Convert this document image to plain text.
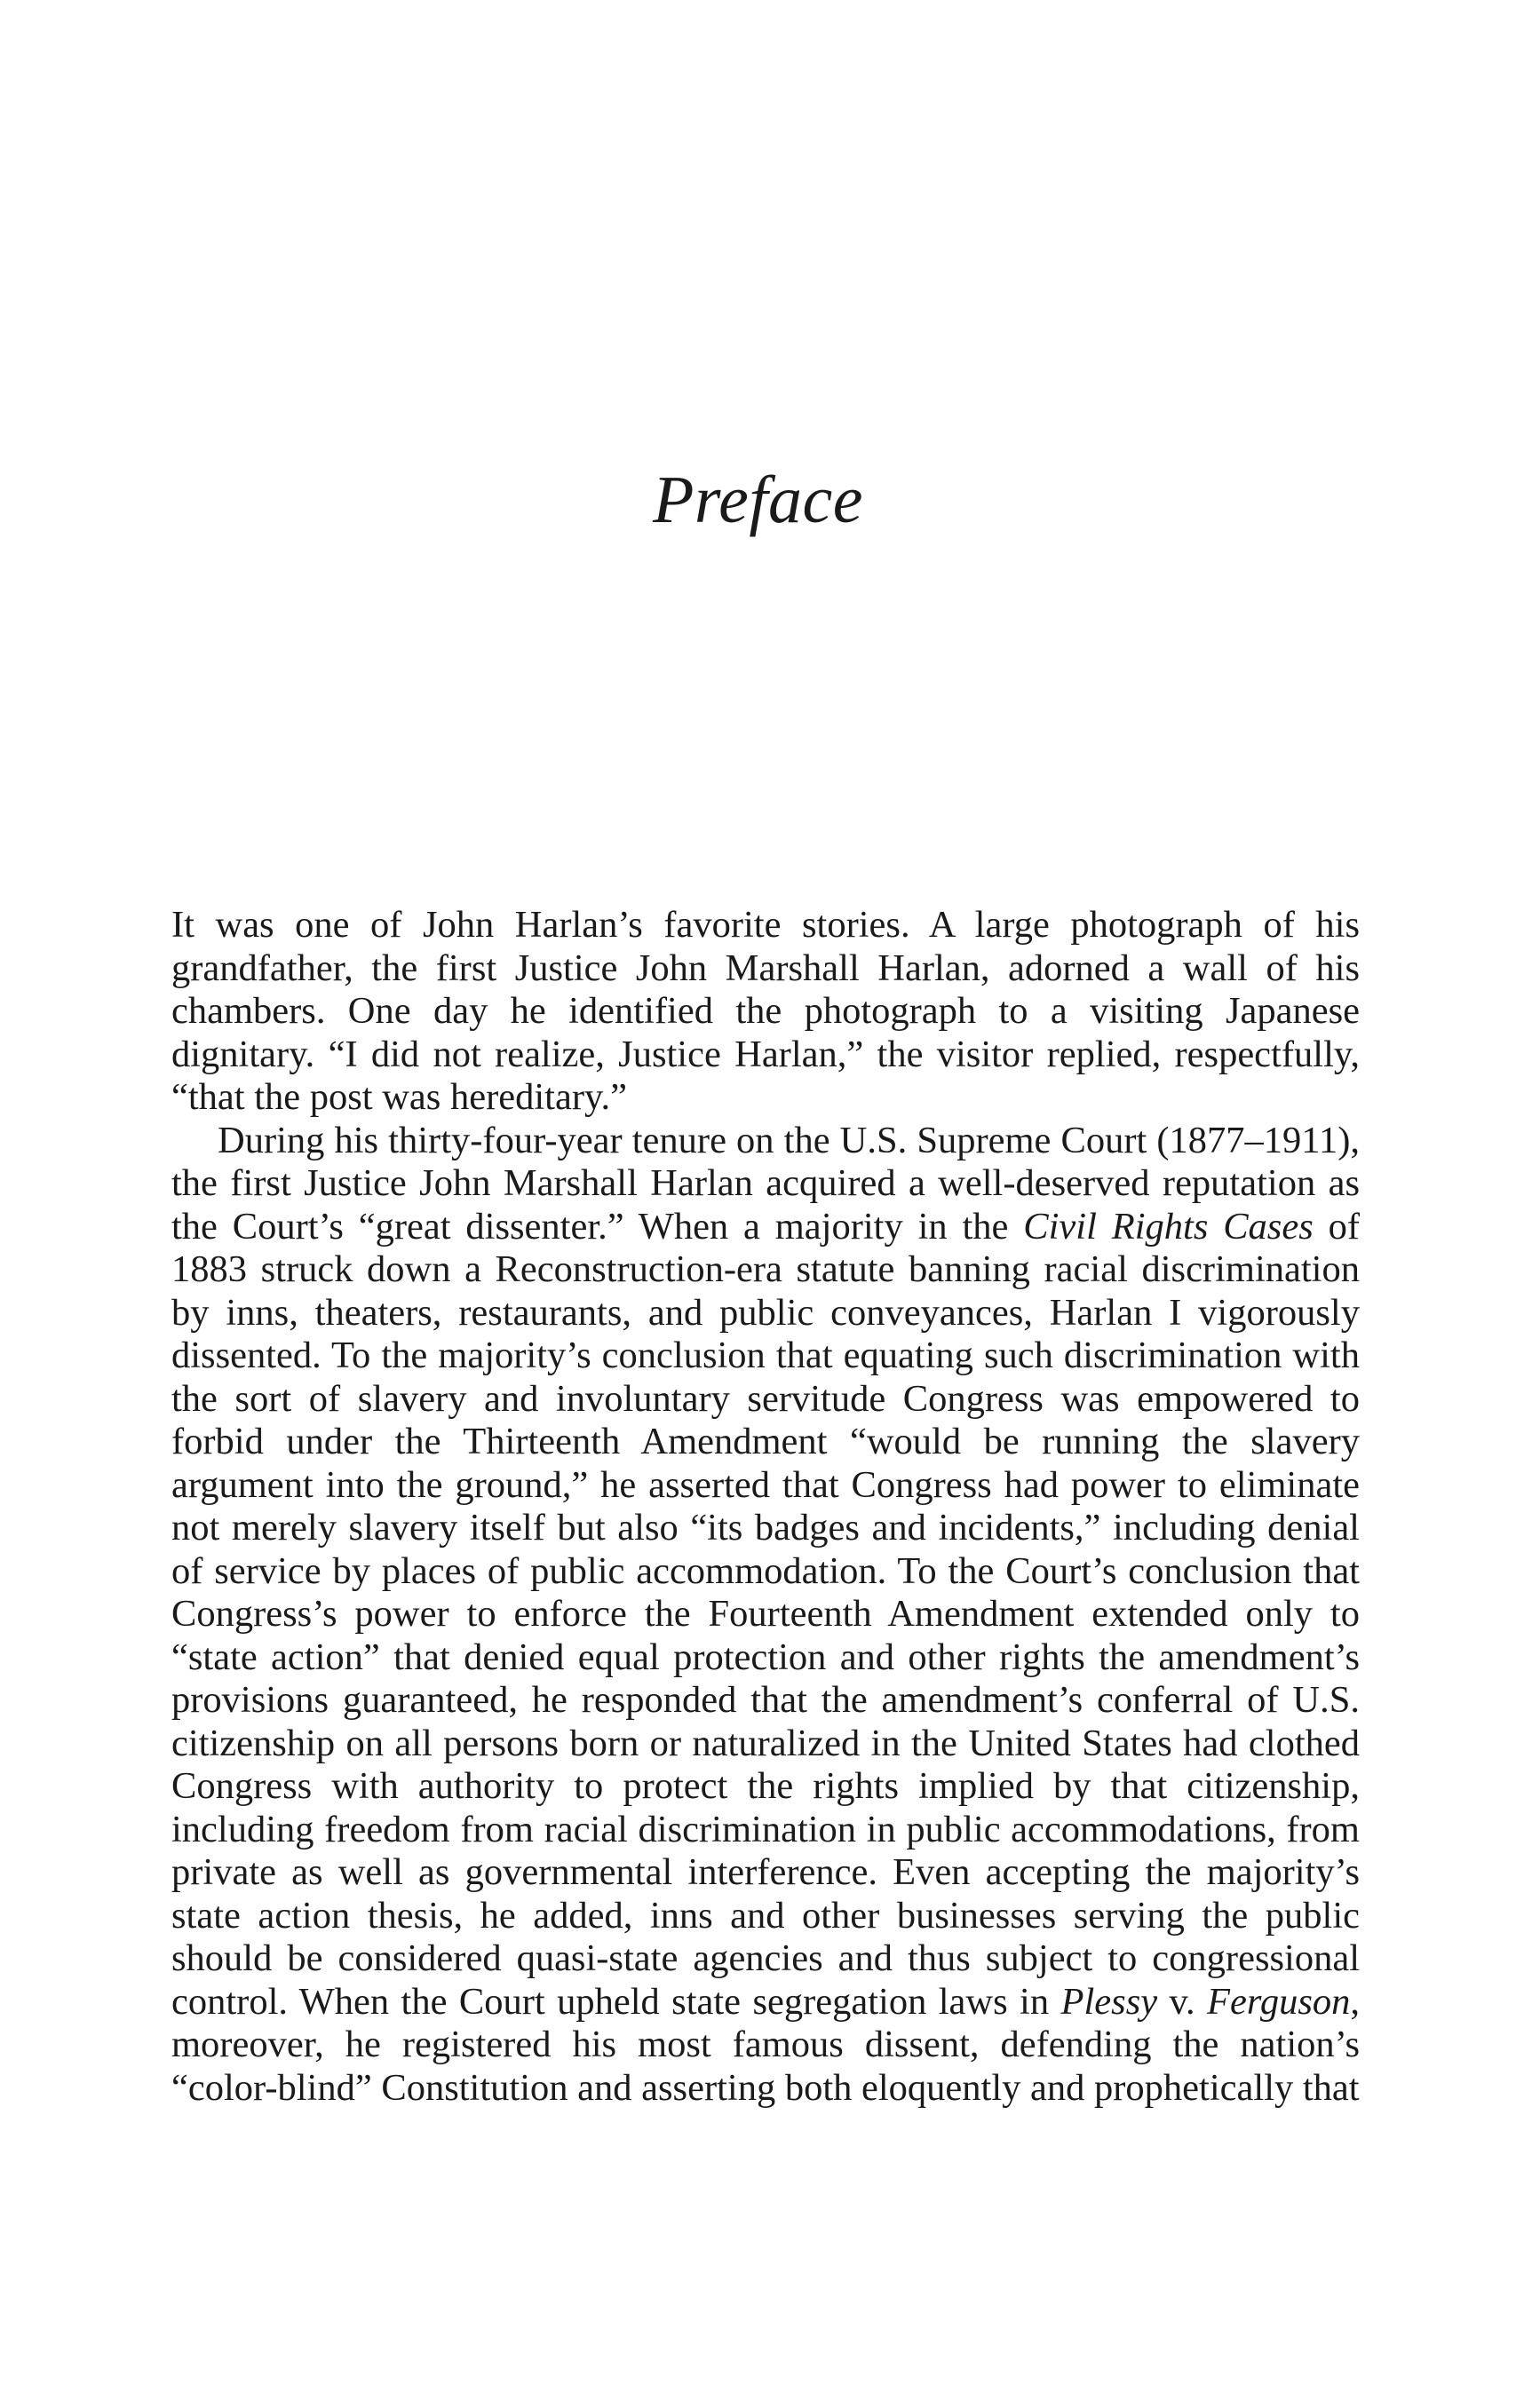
Preface

It was one of John Harlan’s favorite stories. A large photograph of his grandfather, the first Justice John Marshall Harlan, adorned a wall of his chambers. One day he identified the photograph to a visiting Japanese dignitary. “I did not realize, Justice Harlan,” the visitor replied, respectfully, “that the post was hereditary.”

During his thirty-four-year tenure on the U.S. Supreme Court (1877–1911), the first Justice John Marshall Harlan acquired a well-deserved reputation as the Court’s “great dissenter.” When a majority in the Civil Rights Cases of 1883 struck down a Reconstruction-era statute banning racial discrimination by inns, theaters, restaurants, and public conveyances, Harlan I vigorously dissented. To the majority’s conclusion that equating such discrimination with the sort of slavery and involuntary servitude Congress was empowered to forbid under the Thirteenth Amendment “would be running the slavery argument into the ground,” he asserted that Congress had power to eliminate not merely slavery itself but also “its badges and incidents,” including denial of service by places of public accommodation. To the Court’s conclusion that Congress’s power to enforce the Fourteenth Amendment extended only to “state action” that denied equal protection and other rights the amendment’s provisions guaranteed, he responded that the amendment’s conferral of U.S. citizenship on all persons born or naturalized in the United States had clothed Congress with authority to protect the rights implied by that citizenship, including freedom from racial discrimination in public accommodations, from private as well as governmental interference. Even accepting the majority’s state action thesis, he added, inns and other businesses serving the public should be considered quasi-state agencies and thus subject to congressional control. When the Court upheld state segregation laws in Plessy v. Ferguson, moreover, he registered his most famous dissent, defending the nation’s “color-blind” Constitution and asserting both eloquently and prophetically that
